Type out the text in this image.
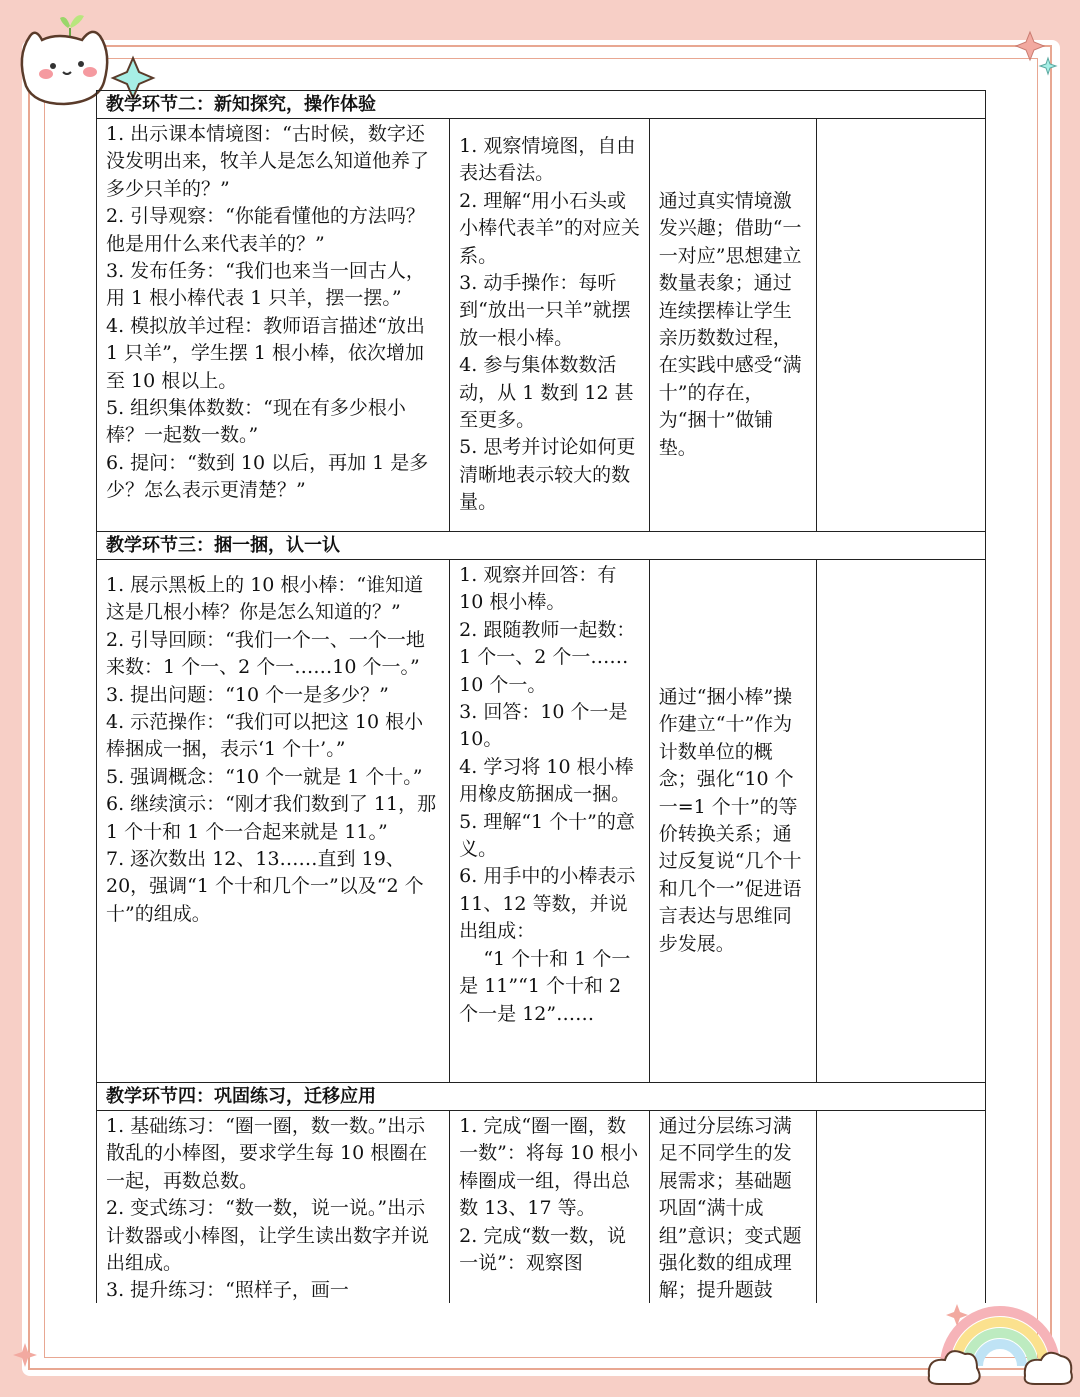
教学环节二：新知探究，操作体验
1. 出示课本情境图：“古时候，数字还没发明出来，牧羊人是怎么知道他养了多少只羊的？”
2. 引导观察：“你能看懂他的方法吗？他是用什么来代表羊的？”
3. 发布任务：“我们也来当一回古人，用 1 根小棒代表 1 只羊，摆一摆。”
4. 模拟放羊过程：教师语言描述“放出 1 只羊”，学生摆 1 根小棒，依次增加至 10 根以上。
5. 组织集体数数：“现在有多少根小棒？一起数一数。”
6. 提问：“数到 10 以后，再加 1 是多少？怎么表示更清楚？”
1. 观察情境图，自由表达看法。
2. 理解“用小石头或小棒代表羊”的对应关系。
3. 动手操作：每听到“放出一只羊”就摆放一根小棒。
4. 参与集体数数活动，从 1 数到 12 甚至更多。
5. 思考并讨论如何更清晰地表示较大的数量。
通过真实情境激发兴趣；借助“一一对应”思想建立数量表象；通过连续摆棒让学生亲历数数过程，在实践中感受“满十”的存在，为“捆十”做铺垫。
教学环节三：捆一捆，认一认
1. 展示黑板上的 10 根小棒：“谁知道这是几根小棒？你是怎么知道的？”
2. 引导回顾：“我们一个一、一个一地来数：1 个一、2 个一……10 个一。”
3. 提出问题：“10 个一是多少？”
4. 示范操作：“我们可以把这 10 根小棒捆成一捆，表示‘1 个十’。”
5. 强调概念：“10 个一就是 1 个十。”
6. 继续演示：“刚才我们数到了 11，那 1 个十和 1 个一合起来就是 11。”
7. 逐次数出 12、13……直到 19、20，强调“1 个十和几个一”以及“2 个十”的组成。
1. 观察并回答：有 10 根小棒。
2. 跟随教师一起数：1 个一、2 个一……10 个一。
3. 回答：10 个一是 10。
4. 学习将 10 根小棒用橡皮筋捆成一捆。
5. 理解“1 个十”的意义。
6. 用手中的小棒表示 11、12 等数，并说出组成：
“1 个十和 1 个一是 11”“1 个十和 2 个一是 12”……
通过“捆小棒”操作建立“十”作为计数单位的概念；强化“10 个一=1 个十”的等价转换关系；通过反复说“几个十和几个一”促进语言表达与思维同步发展。
教学环节四：巩固练习，迁移应用
1. 基础练习：“圈一圈，数一数。”出示散乱的小棒图，要求学生每 10 根圈在一起，再数总数。
2. 变式练习：“数一数，说一说。”出示计数器或小棒图，让学生读出数字并说出组成。
3. 提升练习：“照样子，画一
1. 完成“圈一圈，数一数”：将每 10 根小棒圈成一组，得出总数 13、17 等。
2. 完成“数一数，说一说”：观察图
通过分层练习满足不同学生的发展需求；基础题巩固“满十成组”意识；变式题强化数的组成理解；提升题鼓
